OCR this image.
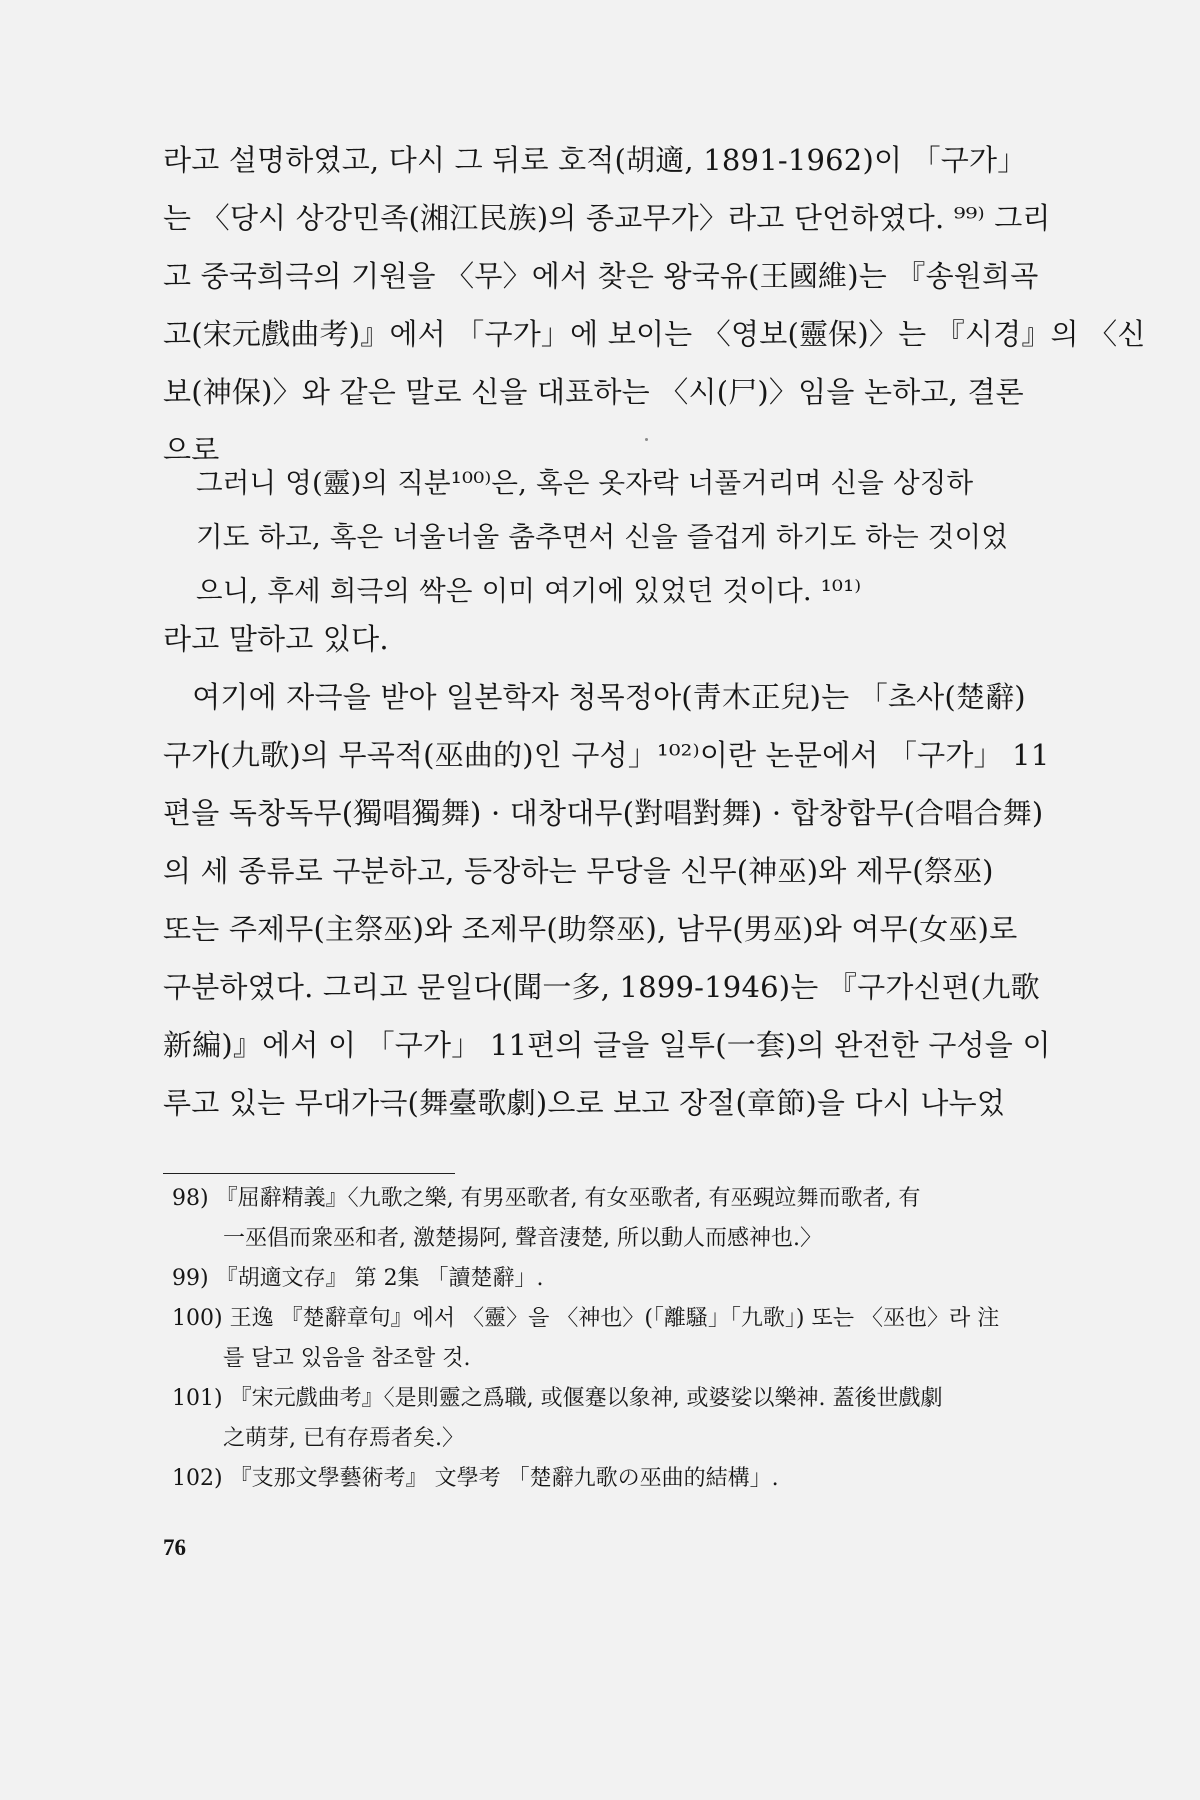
라고 설명하였고, 다시 그 뒤로 호적(胡適, 1891-1962)이 「구가」
는 〈당시 상강민족(湘江民族)의 종교무가〉라고 단언하였다. ⁹⁹⁾ 그리
고 중국희극의 기원을 〈무〉에서 찾은 왕국유(王國維)는 『송원희곡
고(宋元戲曲考)』에서 「구가」에 보이는 〈영보(靈保)〉는 『시경』의 〈신
보(神保)〉와 같은 말로 신을 대표하는 〈시(尸)〉임을 논하고, 결론
으로
그러니 영(靈)의 직분¹⁰⁰⁾은, 혹은 옷자락 너풀거리며 신을 상징하
기도 하고, 혹은 너울너울 춤추면서 신을 즐겁게 하기도 하는 것이었
으니, 후세 희극의 싹은 이미 여기에 있었던 것이다. ¹⁰¹⁾
라고 말하고 있다.
　여기에 자극을 받아 일본학자 청목정아(靑木正兒)는 「초사(楚辭)
구가(九歌)의 무곡적(巫曲的)인 구성」¹⁰²⁾이란 논문에서 「구가」 11
편을 독창독무(獨唱獨舞) · 대창대무(對唱對舞) · 합창합무(合唱合舞)
의 세 종류로 구분하고, 등장하는 무당을 신무(神巫)와 제무(祭巫)
또는 주제무(主祭巫)와 조제무(助祭巫), 남무(男巫)와 여무(女巫)로
구분하였다. 그리고 문일다(聞一多, 1899-1946)는 『구가신편(九歌
新編)』에서 이 「구가」 11편의 글을 일투(一套)의 완전한 구성을 이
루고 있는 무대가극(舞臺歌劇)으로 보고 장절(章節)을 다시 나누었
98) 『屈辭精義』〈九歌之樂, 有男巫歌者, 有女巫歌者, 有巫覡竝舞而歌者, 有
一巫倡而衆巫和者, 激楚揚阿, 聲音淒楚, 所以動人而感神也.〉
99) 『胡適文存』 第 2集 「讀楚辭」.
100) 王逸 『楚辭章句』에서 〈靈〉을 〈神也〉(「離騷」「九歌」) 또는 〈巫也〉라 注
를 달고 있음을 참조할 것.
101) 『宋元戲曲考』〈是則靈之爲職, 或偃蹇以象神, 或婆娑以樂神. 蓋後世戲劇
之萌芽, 已有存焉者矣.〉
102) 『支那文學藝術考』 文學考 「楚辭九歌の巫曲的結構」.
76
